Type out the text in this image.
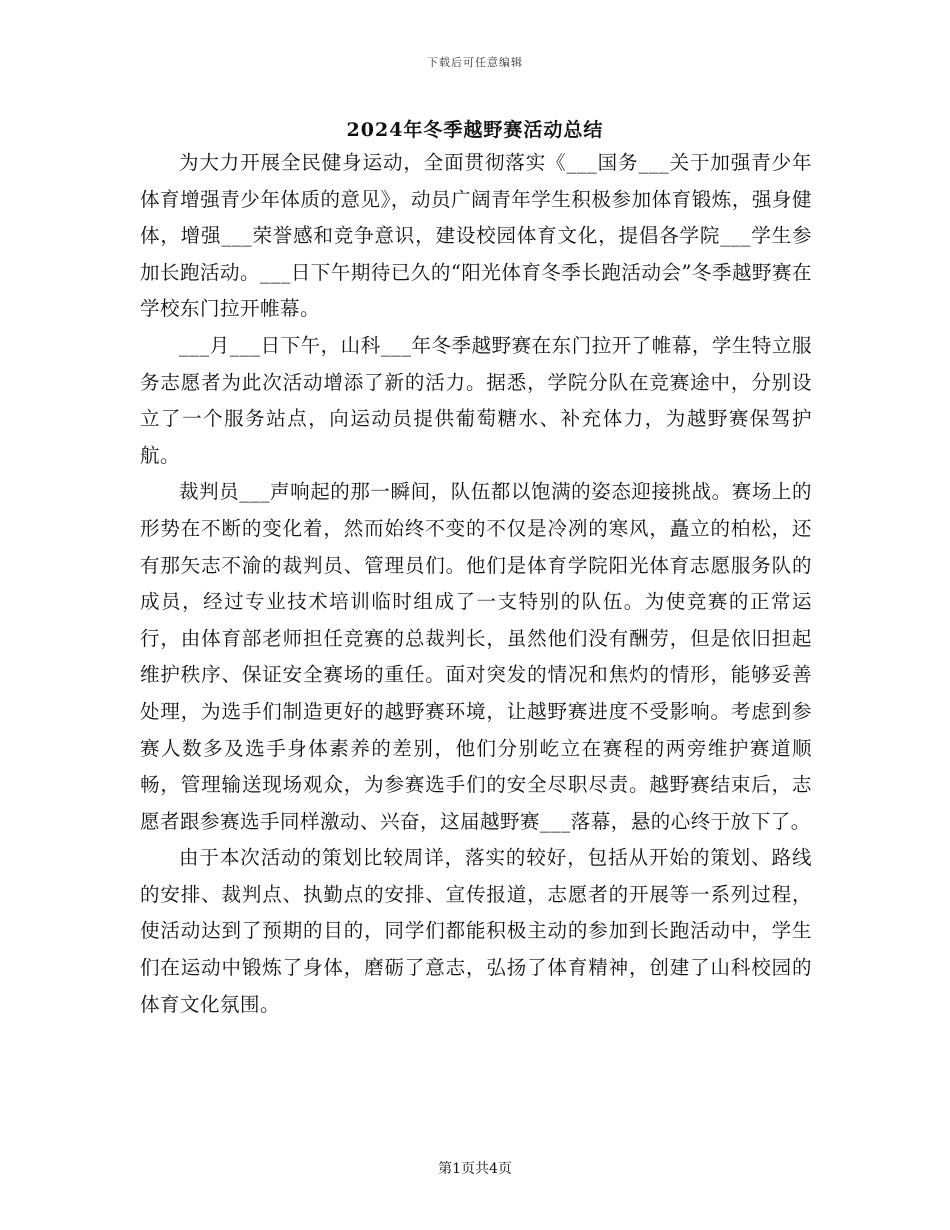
下载后可任意编辑
2024年冬季越野赛活动总结

为大力开展全民健身运动，全面贯彻落实《___国务___关于加强青少年体育增强青少年体质的意见》，动员广阔青年学生积极参加体育锻炼，强身健体，增强___荣誉感和竞争意识，建设校园体育文化，提倡各学院___学生参加长跑活动。___日下午期待已久的“阳光体育冬季长跑活动会”冬季越野赛在学校东门拉开帷幕。

___月___日下午，山科___年冬季越野赛在东门拉开了帷幕，学生特立服务志愿者为此次活动增添了新的活力。据悉，学院分队在竞赛途中，分别设立了一个服务站点，向运动员提供葡萄糖水、补充体力，为越野赛保驾护航。

裁判员___声响起的那一瞬间，队伍都以饱满的姿态迎接挑战。赛场上的形势在不断的变化着，然而始终不变的不仅是冷冽的寒风，矗立的柏松，还有那矢志不渝的裁判员、管理员们。他们是体育学院阳光体育志愿服务队的成员，经过专业技术培训临时组成了一支特别的队伍。为使竞赛的正常运行，由体育部老师担任竞赛的总裁判长，虽然他们没有酬劳，但是依旧担起维护秩序、保证安全赛场的重任。面对突发的情况和焦灼的情形，能够妥善处理，为选手们制造更好的越野赛环境，让越野赛进度不受影响。考虑到参赛人数多及选手身体素养的差别，他们分别屹立在赛程的两旁维护赛道顺畅，管理输送现场观众，为参赛选手们的安全尽职尽责。越野赛结束后，志愿者跟参赛选手同样激动、兴奋，这届越野赛___落幕，悬的心终于放下了。

由于本次活动的策划比较周详，落实的较好，包括从开始的策划、路线的安排、裁判点、执勤点的安排、宣传报道，志愿者的开展等一系列过程，使活动达到了预期的目的，同学们都能积极主动的参加到长跑活动中，学生们在运动中锻炼了身体，磨砺了意志，弘扬了体育精神，创建了山科校园的体育文化氛围。

第1页共4页
